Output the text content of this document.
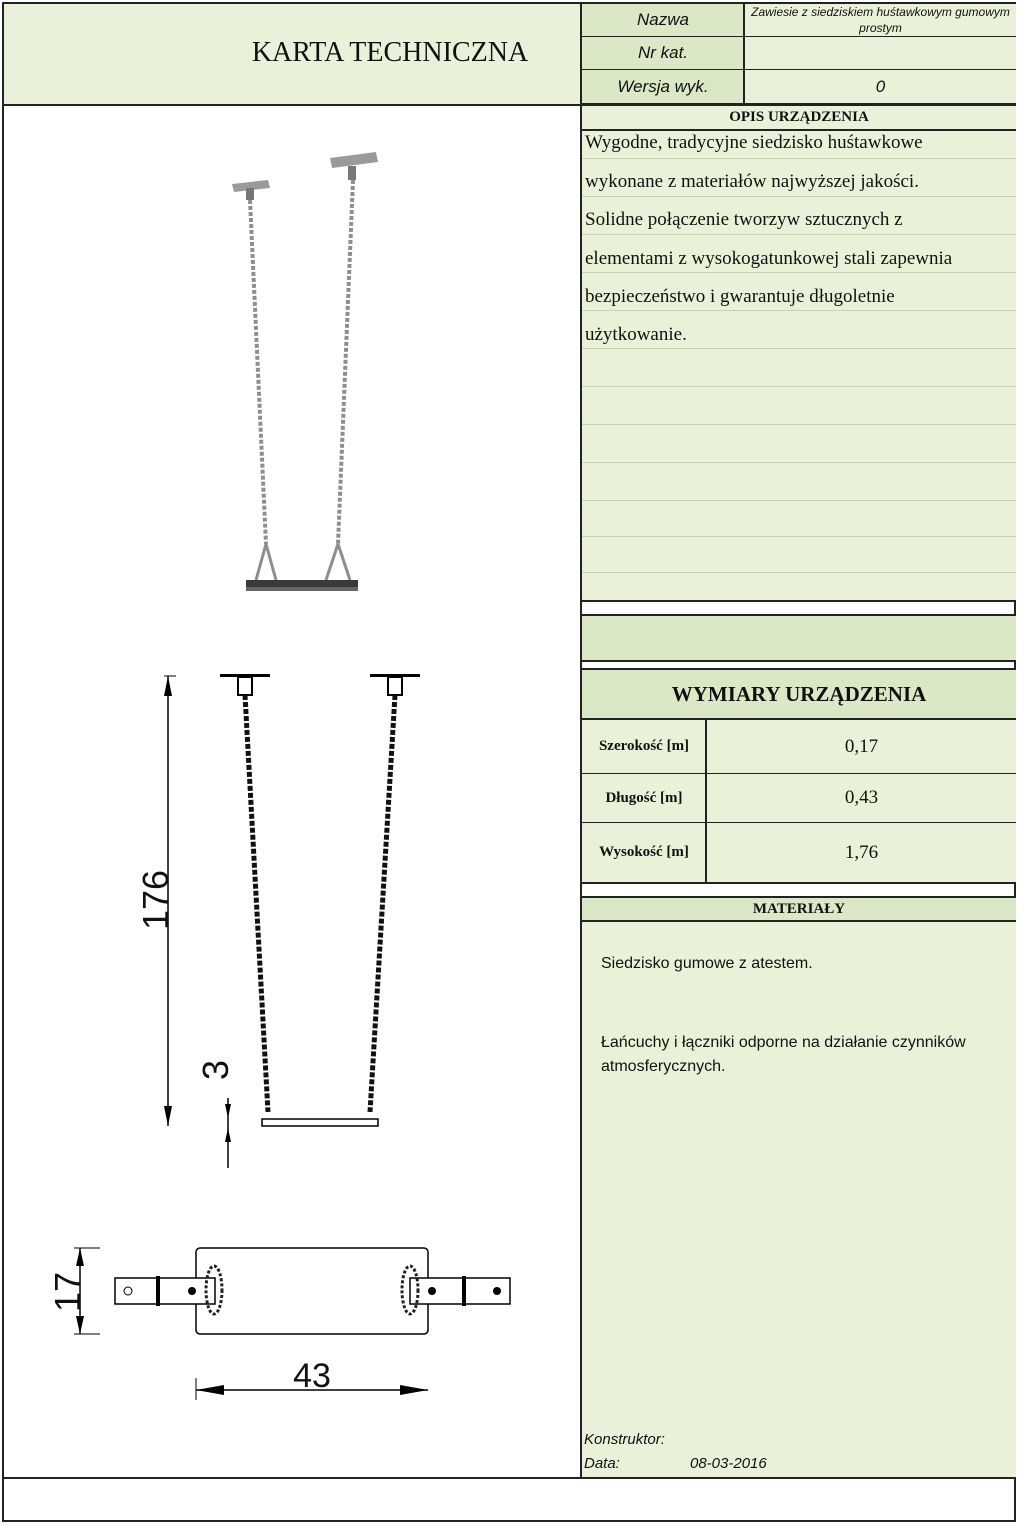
KARTA TECHNICZNA
Nazwa	Zawiesie z siedziskiem huśtawkowym gumowym prostym
Nr kat.
Wersja wyk.	0
OPIS URZĄDZENIA
Wygodne, tradycyjne siedzisko huśtawkowe
wykonane z materiałów najwyższej jakości.
Solidne połączenie tworzyw sztucznych z
elementami z wysokogatunkowej stali zapewnia
bezpieczeństwo i gwarantuje długoletnie
użytkowanie.
WYMIARY URZĄDZENIA
Szerokość [m]	0,17
Długość [m]	0,43
Wysokość [m]	1,76
MATERIAŁY
Siedzisko gumowe z atestem.
Łańcuchy i łączniki odporne na działanie czynników atmosferycznych.
Konstruktor:
Data:	08-03-2016
176
3
17
43
